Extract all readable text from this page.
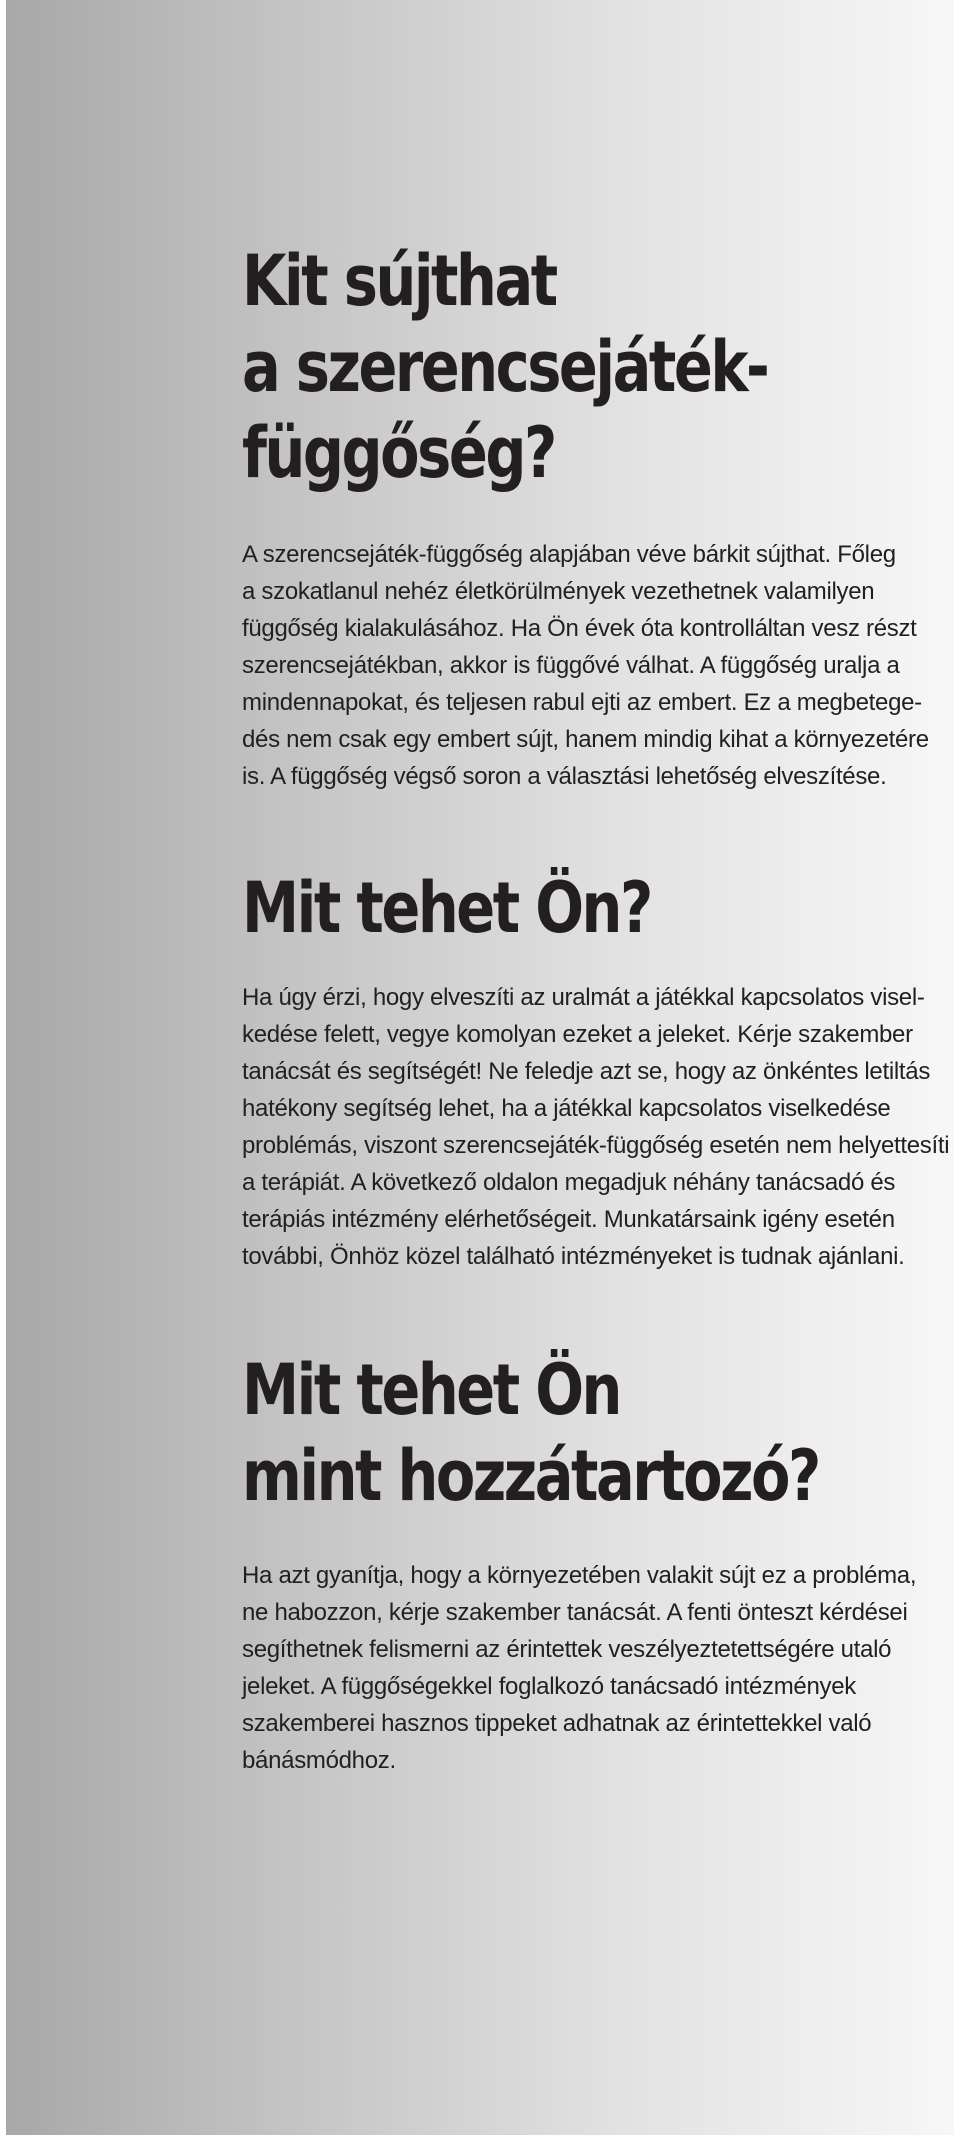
Kit sújthat
a szerencsejáték-
függőség?

A szerencsejáték-függőség alapjában véve bárkit sújthat. Főleg
a szokatlanul nehéz életkörülmények vezethetnek valamilyen
függőség kialakulásához. Ha Ön évek óta kontrolláltan vesz részt
szerencsejátékban, akkor is függővé válhat. A függőség uralja a
mindennapokat, és teljesen rabul ejti az embert. Ez a megbetege-
dés nem csak egy embert sújt, hanem mindig kihat a környezetére
is. A függőség végső soron a választási lehetőség elveszítése.

Mit tehet Ön?

Ha úgy érzi, hogy elveszíti az uralmát a játékkal kapcsolatos visel-
kedése felett, vegye komolyan ezeket a jeleket. Kérje szakember
tanácsát és segítségét! Ne feledje azt se, hogy az önkéntes letiltás
hatékony segítség lehet, ha a játékkal kapcsolatos viselkedése
problémás, viszont szerencsejáték-függőség esetén nem helyettesíti
a terápiát. A következő oldalon megadjuk néhány tanácsadó és
terápiás intézmény elérhetőségeit. Munkatársaink igény esetén
további, Önhöz közel található intézményeket is tudnak ajánlani.

Mit tehet Ön
mint hozzátartozó?

Ha azt gyanítja, hogy a környezetében valakit sújt ez a probléma,
ne habozzon, kérje szakember tanácsát. A fenti önteszt kérdései
segíthetnek felismerni az érintettek veszélyeztetettségére utaló
jeleket. A függőségekkel foglalkozó tanácsadó intézmények
szakemberei hasznos tippeket adhatnak az érintettekkel való
bánásmódhoz.
